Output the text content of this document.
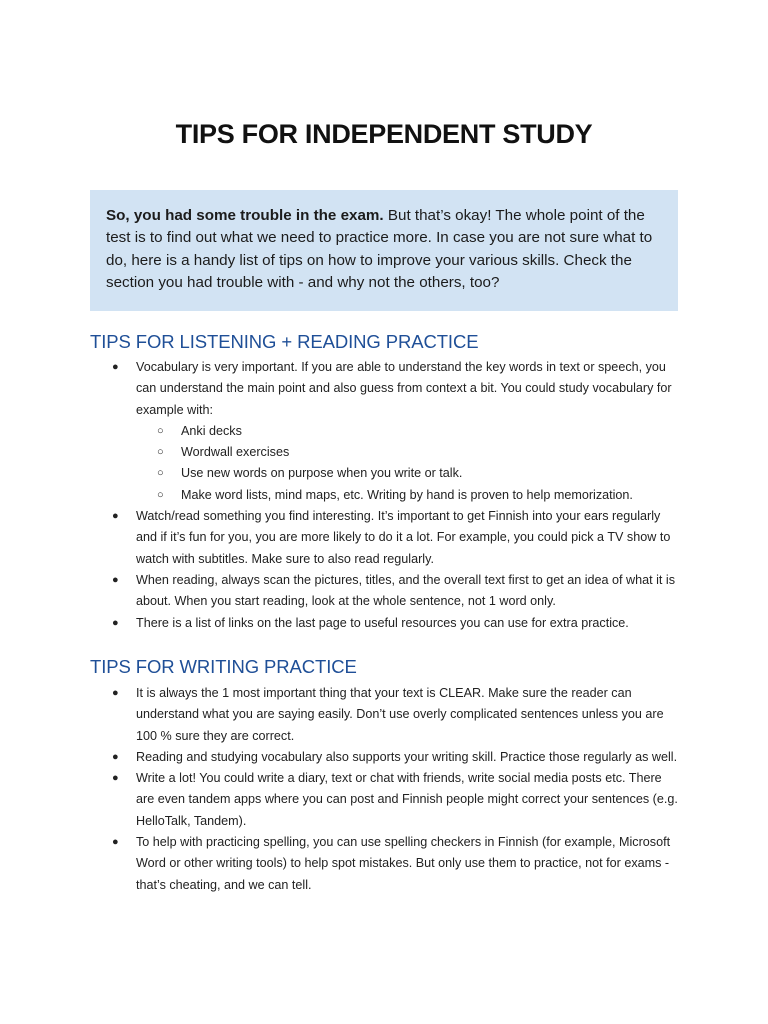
TIPS FOR INDEPENDENT STUDY
So, you had some trouble in the exam. But that’s okay! The whole point of the test is to find out what we need to practice more. In case you are not sure what to do, here is a handy list of tips on how to improve your various skills. Check the section you had trouble with - and why not the others, too?
TIPS FOR LISTENING + READING PRACTICE
● Vocabulary is very important. If you are able to understand the key words in text or speech, you can understand the main point and also guess from context a bit. You could study vocabulary for example with:
○ Anki decks
○ Wordwall exercises
○ Use new words on purpose when you write or talk.
○ Make word lists, mind maps, etc. Writing by hand is proven to help memorization.
● Watch/read something you find interesting. It’s important to get Finnish into your ears regularly and if it’s fun for you, you are more likely to do it a lot. For example, you could pick a TV show to watch with subtitles. Make sure to also read regularly.
● When reading, always scan the pictures, titles, and the overall text first to get an idea of what it is about. When you start reading, look at the whole sentence, not 1 word only.
● There is a list of links on the last page to useful resources you can use for extra practice.
TIPS FOR WRITING PRACTICE
● It is always the 1 most important thing that your text is CLEAR. Make sure the reader can understand what you are saying easily. Don’t use overly complicated sentences unless you are 100 % sure they are correct.
● Reading and studying vocabulary also supports your writing skill. Practice those regularly as well.
● Write a lot! You could write a diary, text or chat with friends, write social media posts etc. There are even tandem apps where you can post and Finnish people might correct your sentences (e.g. HelloTalk, Tandem).
● To help with practicing spelling, you can use spelling checkers in Finnish (for example, Microsoft Word or other writing tools) to help spot mistakes. But only use them to practice, not for exams - that’s cheating, and we can tell.
